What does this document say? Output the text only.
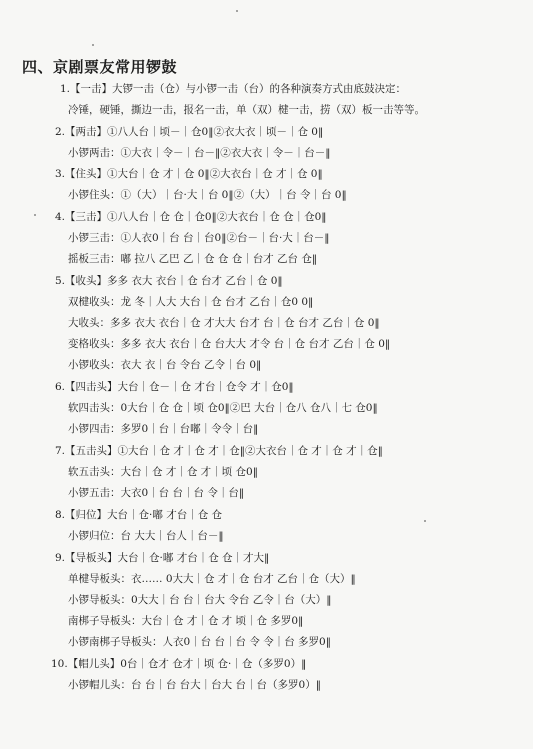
四、京剧票友常用锣鼓
1.【一击】大锣一击（仓）与小锣一击（台）的各种演奏方式由底鼓决定：
冷锤，硬锤，撕边一击，报名一击，单（双）楗一击，捞（双）板一击等等。
2.【两击】①八人台｜顷－｜仓0‖②衣大衣｜顷－｜仓 0‖
小锣两击：①大衣｜令－｜台－‖②衣大衣｜令－｜台－‖
3.【住头】①大台｜仓 才｜仓 0‖②大衣台｜仓 才｜仓 0‖
小锣住头：①（大）｜台·大｜台 0‖②（大）｜台 令｜台 0‖
4.【三击】①八人台｜仓 仓｜仓0‖②大衣台｜仓 仓｜仓0‖
小锣三击：①人衣0｜台 台｜台0‖②台－｜台·大｜台－‖
摇板三击：嘟 拉八 乙巴 乙｜仓 仓 仓｜台才 乙台 仓‖
5.【收头】多多 衣大 衣台｜仓 台才 乙台｜仓 0‖
双楗收头：龙 冬｜人大 大台｜仓 台才 乙台｜仓0 0‖
大收头：多多 衣大 衣台｜仓 才大大 台才 台｜仓 台才 乙台｜仓 0‖
变格收头：多多 衣大 衣台｜仓 台大大 才令 台｜仓 台才 乙台｜仓 0‖
小锣收头：衣大 衣｜台 令台 乙令｜台 0‖
6.【四击头】大台｜仓－｜仓 才台｜仓令 才｜仓0‖
软四击头：0大台｜仓 仓｜顷 仓0‖②巴 大台｜仓八 仓八｜七 仓0‖
小锣四击：多罗0｜台｜台嘟｜令令｜台‖
7.【五击头】①大台｜仓 才｜仓 才｜仓‖②大衣台｜仓 才｜仓 才｜仓‖
软五击头：大台｜仓 才｜仓 才｜顷 仓0‖
小锣五击：大衣0｜台 台｜台 令｜台‖
8.【归位】大台｜仓·嘟 才台｜仓 仓
小锣归位：台 大大｜台人｜台－‖
9.【导板头】大台｜仓·嘟 才台｜仓 仓｜才大‖
单楗导板头：衣…… 0大大｜仓 才｜仓 台才 乙台｜仓（大）‖
小锣导板头：0大大｜台 台｜台大 令台 乙令｜台（大）‖
南梆子导板头：大台｜仓 才｜仓 才 顷｜仓 多罗0‖
小锣南梆子导板头：人衣0｜台 台｜台 令 令｜台 多罗0‖
10.【帽儿头】0台｜仓才 仓才｜顷 仓·｜仓（多罗0）‖
小锣帽儿头：台 台｜台 台大｜台大 台｜台（多罗0）‖
